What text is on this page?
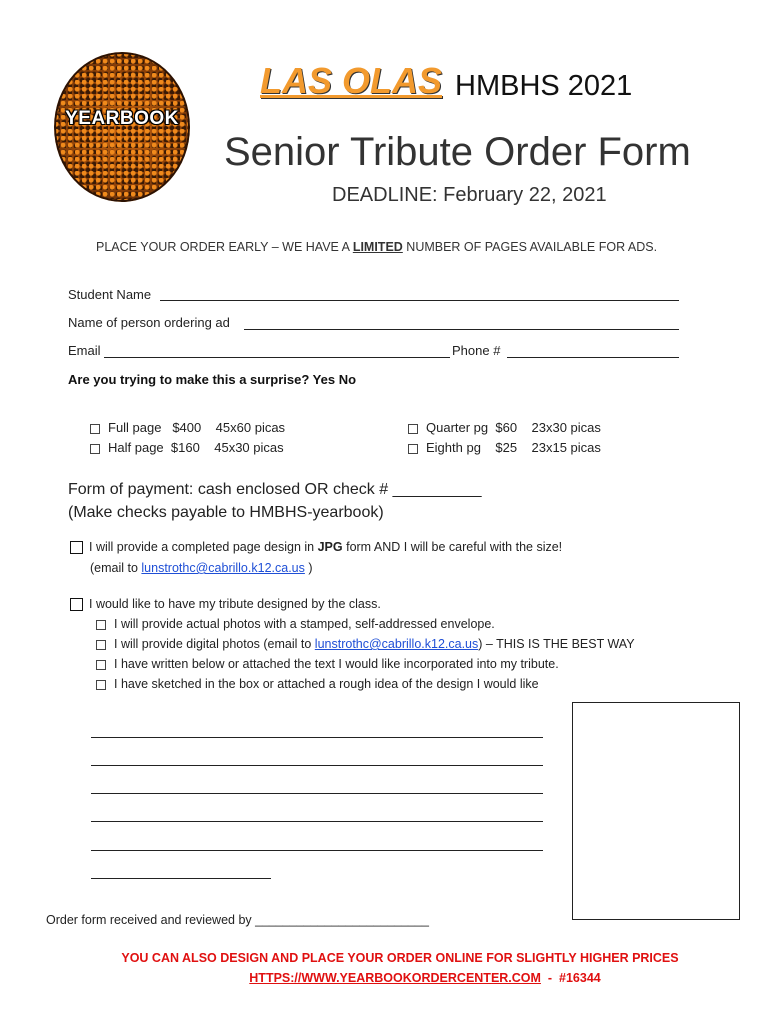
YEARBOOK
LAS OLAS HMBHS 2021
Senior Tribute Order Form
DEADLINE: February 22, 2021
PLACE YOUR ORDER EARLY – WE HAVE A LIMITED NUMBER OF PAGES AVAILABLE FOR ADS.
Student Name
Name of person ordering ad
Email	Phone #
Are you trying to make this a surprise? Yes No
Full page   $400    45x60 picas
Half page  $160    45x30 picas
Quarter pg  $60    23x30 picas
Eighth pg    $25    23x15 picas
Form of payment: cash enclosed OR check # __________
(Make checks payable to HMBHS-yearbook)
I will provide a completed page design in JPG form AND I will be careful with the size!
(email to lunstrothc@cabrillo.k12.ca.us )
I would like to have my tribute designed by the class.
I will provide actual photos with a stamped, self-addressed envelope.
I will provide digital photos (email to lunstrothc@cabrillo.k12.ca.us) – THIS IS THE BEST WAY
I have written below or attached the text I would like incorporated into my tribute.
I have sketched in the box or attached a rough idea of the design I would like
Order form received and reviewed by _________________________
YOU CAN ALSO DESIGN AND PLACE YOUR ORDER ONLINE FOR SLIGHTLY HIGHER PRICES
HTTPS://WWW.YEARBOOKORDERCENTER.COM  -  #16344
